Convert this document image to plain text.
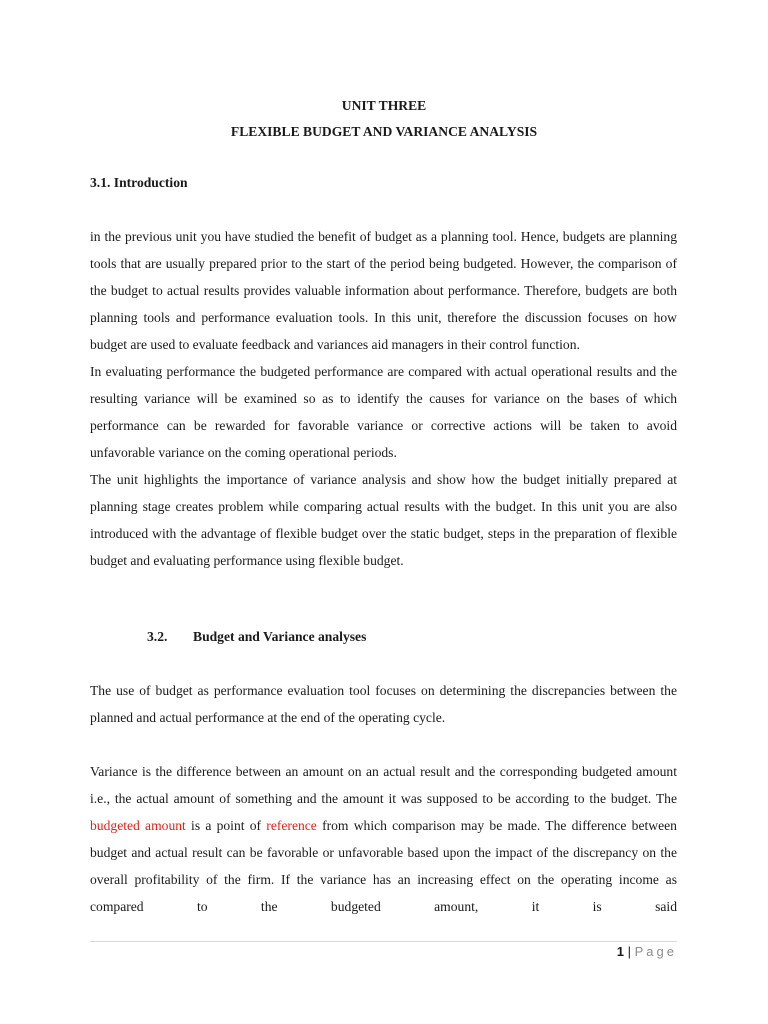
UNIT THREE
FLEXIBLE BUDGET AND VARIANCE ANALYSIS
3.1. Introduction

in the previous unit you have studied the benefit of budget as a planning tool. Hence, budgets are planning tools that are usually prepared prior to the start of the period being budgeted. However, the comparison of the budget to actual results provides valuable information about performance. Therefore, budgets are both planning tools and performance evaluation tools. In this unit, therefore the discussion focuses on how budget are used to evaluate feedback and variances aid managers in their control function.

In evaluating performance the budgeted performance are compared with actual operational results and the resulting variance will be examined so as to identify the causes for variance on the bases of which performance can be rewarded for favorable variance or corrective actions will be taken to avoid unfavorable variance on the coming operational periods.

The unit highlights the importance of variance analysis and show how the budget initially prepared at planning stage creates problem while comparing actual results with the budget. In this unit you are also introduced with the advantage of flexible budget over the static budget, steps in the preparation of flexible budget and evaluating performance using flexible budget.

3.2. Budget and Variance analyses

The use of budget as performance evaluation tool focuses on determining the discrepancies between the planned and actual performance at the end of the operating cycle.

Variance is the difference between an amount on an actual result and the corresponding budgeted amount i.e., the actual amount of something and the amount it was supposed to be according to the budget. The budgeted amount is a point of reference from which comparison may be made. The difference between budget and actual result can be favorable or unfavorable based upon the impact of the discrepancy on the overall profitability of the firm. If the variance has an increasing effect on the operating income as compared to the budgeted amount, it is said

1 | Page
